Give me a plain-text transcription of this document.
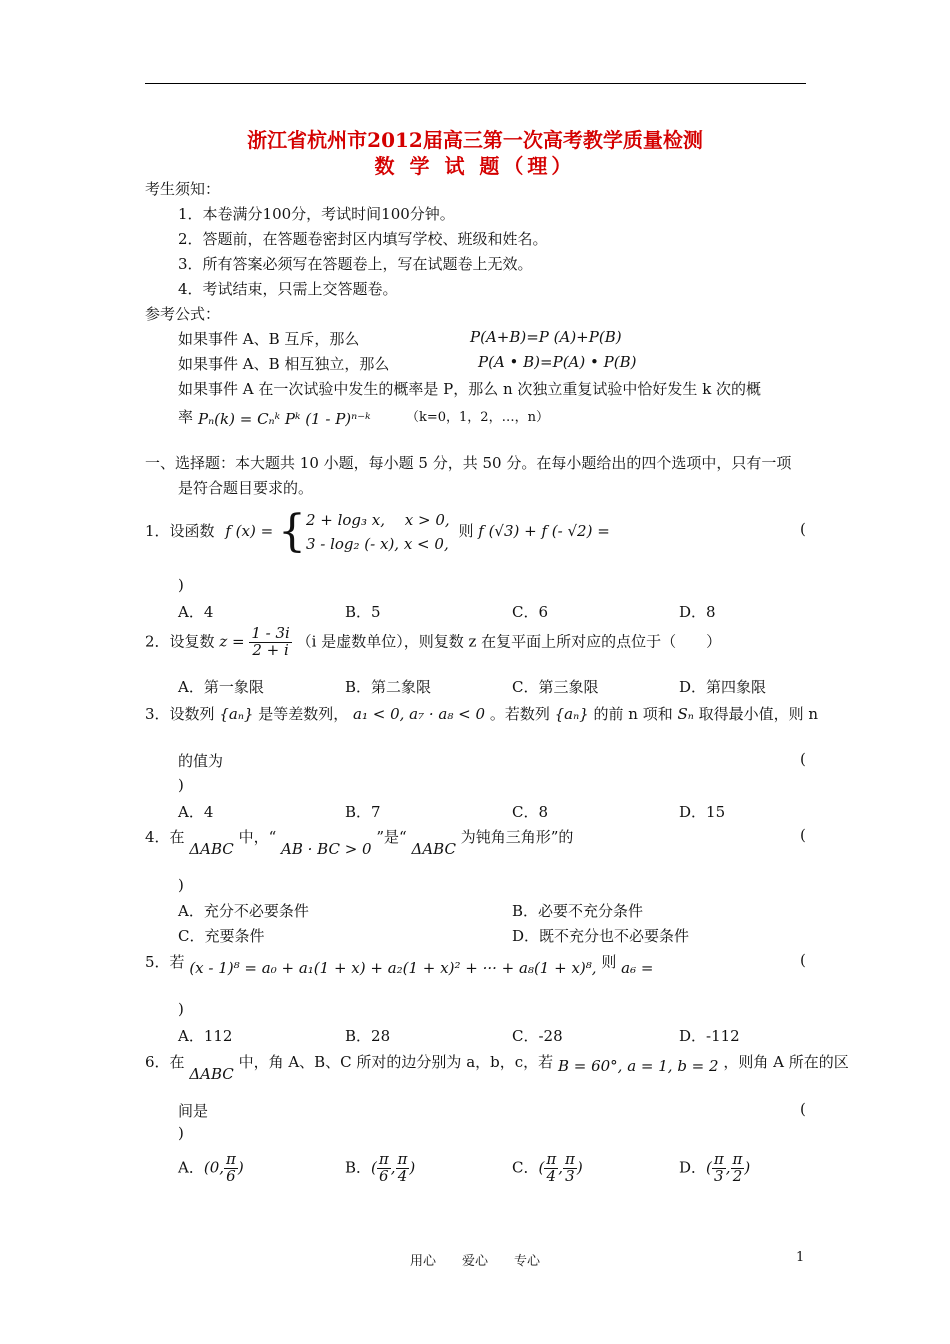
浙江省杭州市2012届高三第一次高考教学质量检测
数 学 试 题（理）
考生须知：
1．本卷满分100分，考试时间100分钟。
2．答题前，在答题卷密封区内填写学校、班级和姓名。
3．所有答案必须写在答题卷上，写在试题卷上无效。
4．考试结束，只需上交答题卷。
参考公式：
如果事件 A、B 互斥，那么	P(A+B)=P (A)+P(B)
如果事件 A、B 相互独立，那么	P(A • B)=P(A) • P(B)
如果事件 A 在一次试验中发生的概率是 P，那么 n 次独立重复试验中恰好发生 k 次的概
率 Pₙ(k) = Cₙᵏ Pᵏ (1 - P)ⁿ⁻ᵏ	（k=0，1，2，…，n）
一、选择题：本大题共 10 小题，每小题 5 分，共 50 分。在每小题给出的四个选项中，只有一项
是符合题目要求的。
1．设函数 f (x) = { 2 + log₃ x,　 x > 0,
3 - log₂ (- x), x < 0,
则 f (√3) + f (- √2) =	(
)
A．4	B．5	C．6	D．8
2．设复数 $z = \frac{1 - 3i}{2 + i} (i$ 是虚数单位），则复数 z 在复平面上所对应的点位于（　　）
A．第一象限	B．第二象限	C．第三象限	D．第四象限
3．设数列 {aₙ} 是等差数列， a₁ < 0, a₇ · a₈ < 0 。若数列 {aₙ} 的前 n 项和 Sₙ 取得最小值，则 n
的值为	(
)
A．4	B．7	C．8	D．15
4．在 ΔABC 中，“ AB · BC > 0 ”是“ ΔABC 为钝角三角形”的	(
)
A．充分不必要条件	B．必要不充分条件
C．充要条件	D．既不充分也不必要条件
5．若 (x - 1)⁸ = a₀ + a₁(1 + x) + a₂(1 + x)² + ··· + a₈(1 + x)⁸, 则 a₆ =	(
)
A．112	B．28	C．-28	D．-112
6．在 ΔABC 中，角 A、B、C 所对的边分别为 a，b，c，若 B = 60°, a = 1, b = 2 ，则角 A 所在的区
间是	(
)
A．(0, $\frac{\pi}{6}$ )	B．( $\frac{\pi}{6}$ , $\frac{\pi}{4}$ )	C．( $\frac{\pi}{4}$ , $\frac{\pi}{3}$ )	D．( $\frac{\pi}{3}$ , $\frac{\pi}{2}$ )
用心　　爱心　　专心	1
